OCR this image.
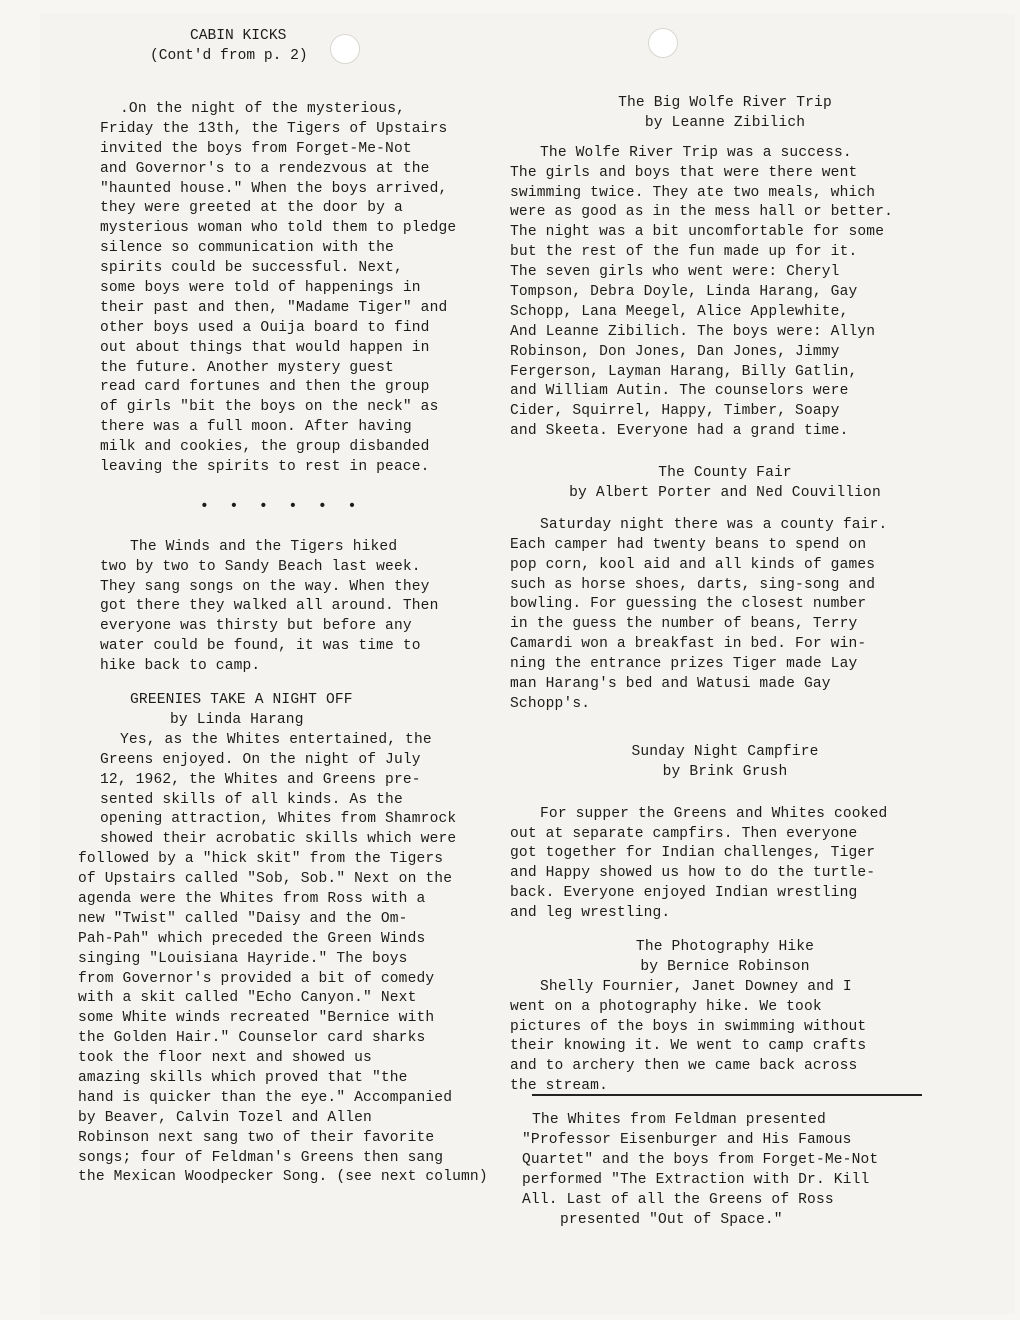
CABIN KICKS
(Cont'd from p. 2)
.On the night of the mysterious,
Friday the 13th, the Tigers of Upstairs
invited the boys from Forget-Me-Not
and Governor's to a rendezvous at the
"haunted house." When the boys arrived,
they were greeted at the door by a
mysterious woman who told them to pledge
silence so communication with the
spirits could be successful. Next,
some boys were told of happenings in
their past and then, "Madame Tiger" and
other boys used a Ouija board to find
out about things that would happen in
the future. Another mystery guest
read card fortunes and then the group
of girls "bit the boys on the neck" as
there was a full moon. After having
milk and cookies, the group disbanded
leaving the spirits to rest in peace.
• • • • • •
The Winds and the Tigers hiked
two by two to Sandy Beach last week.
They sang songs on the way. When they
got there they walked all around. Then
everyone was thirsty but before any
water could be found, it was time to
hike back to camp.
GREENIES TAKE A NIGHT OFF
by Linda Harang
Yes, as the Whites entertained, the
Greens enjoyed. On the night of July
12, 1962, the Whites and Greens pre-
sented skills of all kinds. As the
opening attraction, Whites from Shamrock
showed their acrobatic skills which were
followed by a "hick skit" from the Tigers
of Upstairs called "Sob, Sob." Next on the
agenda were the Whites from Ross with a
new "Twist" called "Daisy and the Om-
Pah-Pah" which preceded the Green Winds
singing "Louisiana Hayride." The boys
from Governor's provided a bit of comedy
with a skit called "Echo Canyon." Next
some White winds recreated "Bernice with
the Golden Hair." Counselor card sharks
took the floor next and showed us
amazing skills which proved that "the
hand is quicker than the eye." Accompanied
by Beaver, Calvin Tozel and Allen
Robinson next sang two of their favorite
songs; four of Feldman's Greens then sang
the Mexican Woodpecker Song. (see next column)
The Big Wolfe River Trip
by Leanne Zibilich
The Wolfe River Trip was a success.
The girls and boys that were there went
swimming twice. They ate two meals, which
were as good as in the mess hall or better.
The night was a bit uncomfortable for some
but the rest of the fun made up for it.
The seven girls who went were: Cheryl
Tompson, Debra Doyle, Linda Harang, Gay
Schopp, Lana Meegel, Alice Applewhite,
And Leanne Zibilich. The boys were: Allyn
Robinson, Don Jones, Dan Jones, Jimmy
Fergerson, Layman Harang, Billy Gatlin,
and William Autin. The counselors were
Cider, Squirrel, Happy, Timber, Soapy
and Skeeta. Everyone had a grand time.
The County Fair
by Albert Porter and Ned Couvillion
Saturday night there was a county fair.
Each camper had twenty beans to spend on
pop corn, kool aid and all kinds of games
such as horse shoes, darts, sing-song and
bowling. For guessing the closest number
in the guess the number of beans, Terry
Camardi won a breakfast in bed. For win-
ning the entrance prizes Tiger made Lay
man Harang's bed and Watusi made Gay
Schopp's.
Sunday Night Campfire
by Brink Grush
For supper the Greens and Whites cooked
out at separate campfirs. Then everyone
got together for Indian challenges, Tiger
and Happy showed us how to do the turtle-
back. Everyone enjoyed Indian wrestling
and leg wrestling.
The Photography Hike
by Bernice Robinson
Shelly Fournier, Janet Downey and I
went on a photography hike. We took
pictures of the boys in swimming without
their knowing it. We went to camp crafts
and to archery then we came back across
the stream.
The Whites from Feldman presented
"Professor Eisenburger and His Famous
Quartet" and the boys from Forget-Me-Not
performed "The Extraction with Dr. Kill
All. Last of all the Greens of Ross
presented "Out of Space."
